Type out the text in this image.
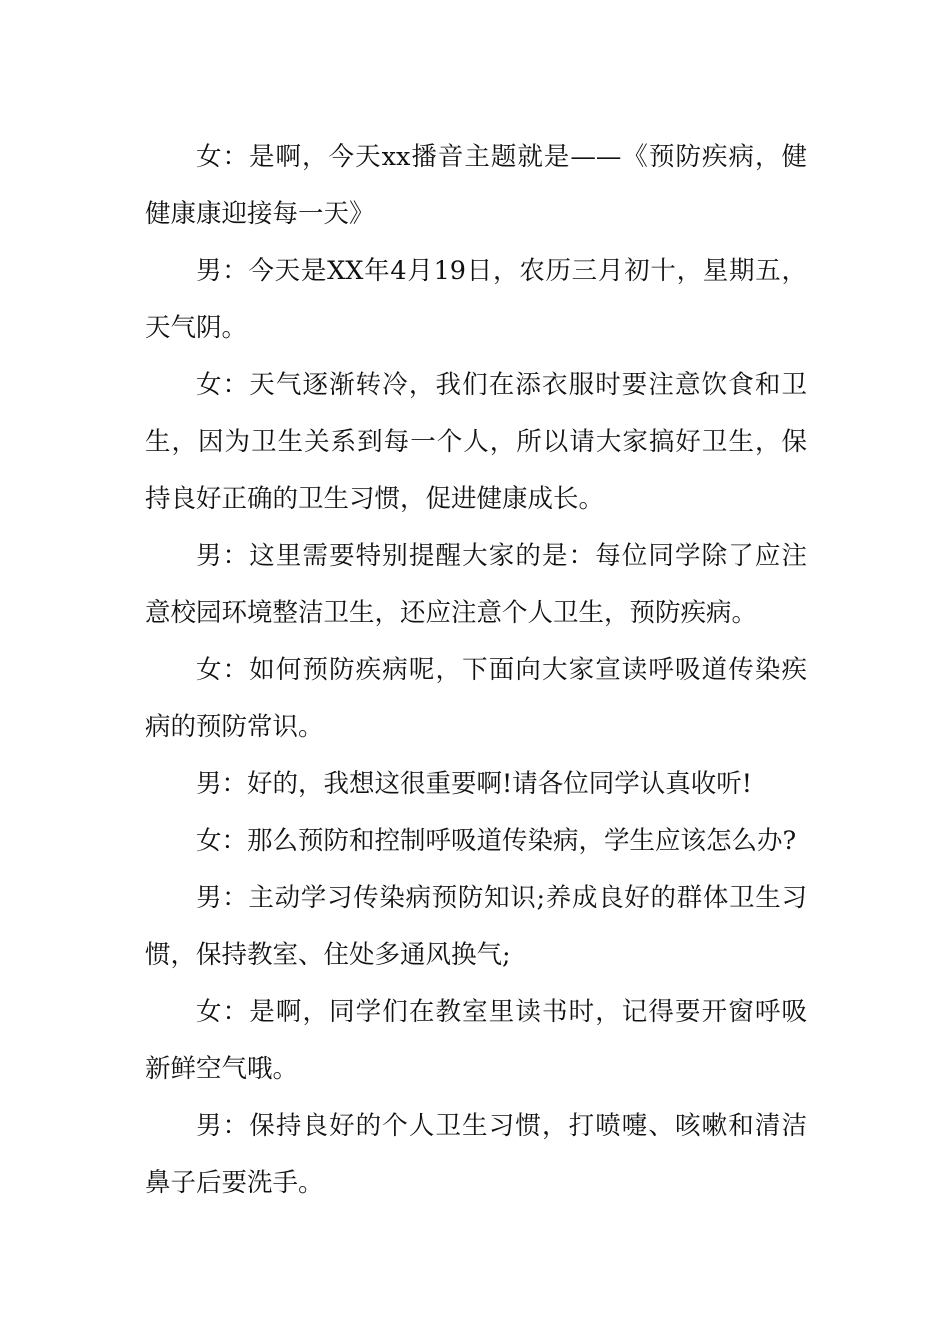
女：是啊，今天xx播音主题就是——《预防疾病，健健康康迎接每一天》

男：今天是XX年4月19日，农历三月初十，星期五，天气阴。

女：天气逐渐转冷，我们在添衣服时要注意饮食和卫生，因为卫生关系到每一个人，所以请大家搞好卫生，保持良好正确的卫生习惯，促进健康成长。

男：这里需要特别提醒大家的是：每位同学除了应注意校园环境整洁卫生，还应注意个人卫生，预防疾病。

女：如何预防疾病呢，下面向大家宣读呼吸道传染疾病的预防常识。

男：好的，我想这很重要啊!请各位同学认真收听!

女：那么预防和控制呼吸道传染病，学生应该怎么办?

男：主动学习传染病预防知识;养成良好的群体卫生习惯，保持教室、住处多通风换气;

女：是啊，同学们在教室里读书时，记得要开窗呼吸新鲜空气哦。

男：保持良好的个人卫生习惯，打喷嚏、咳嗽和清洁鼻子后要洗手。
